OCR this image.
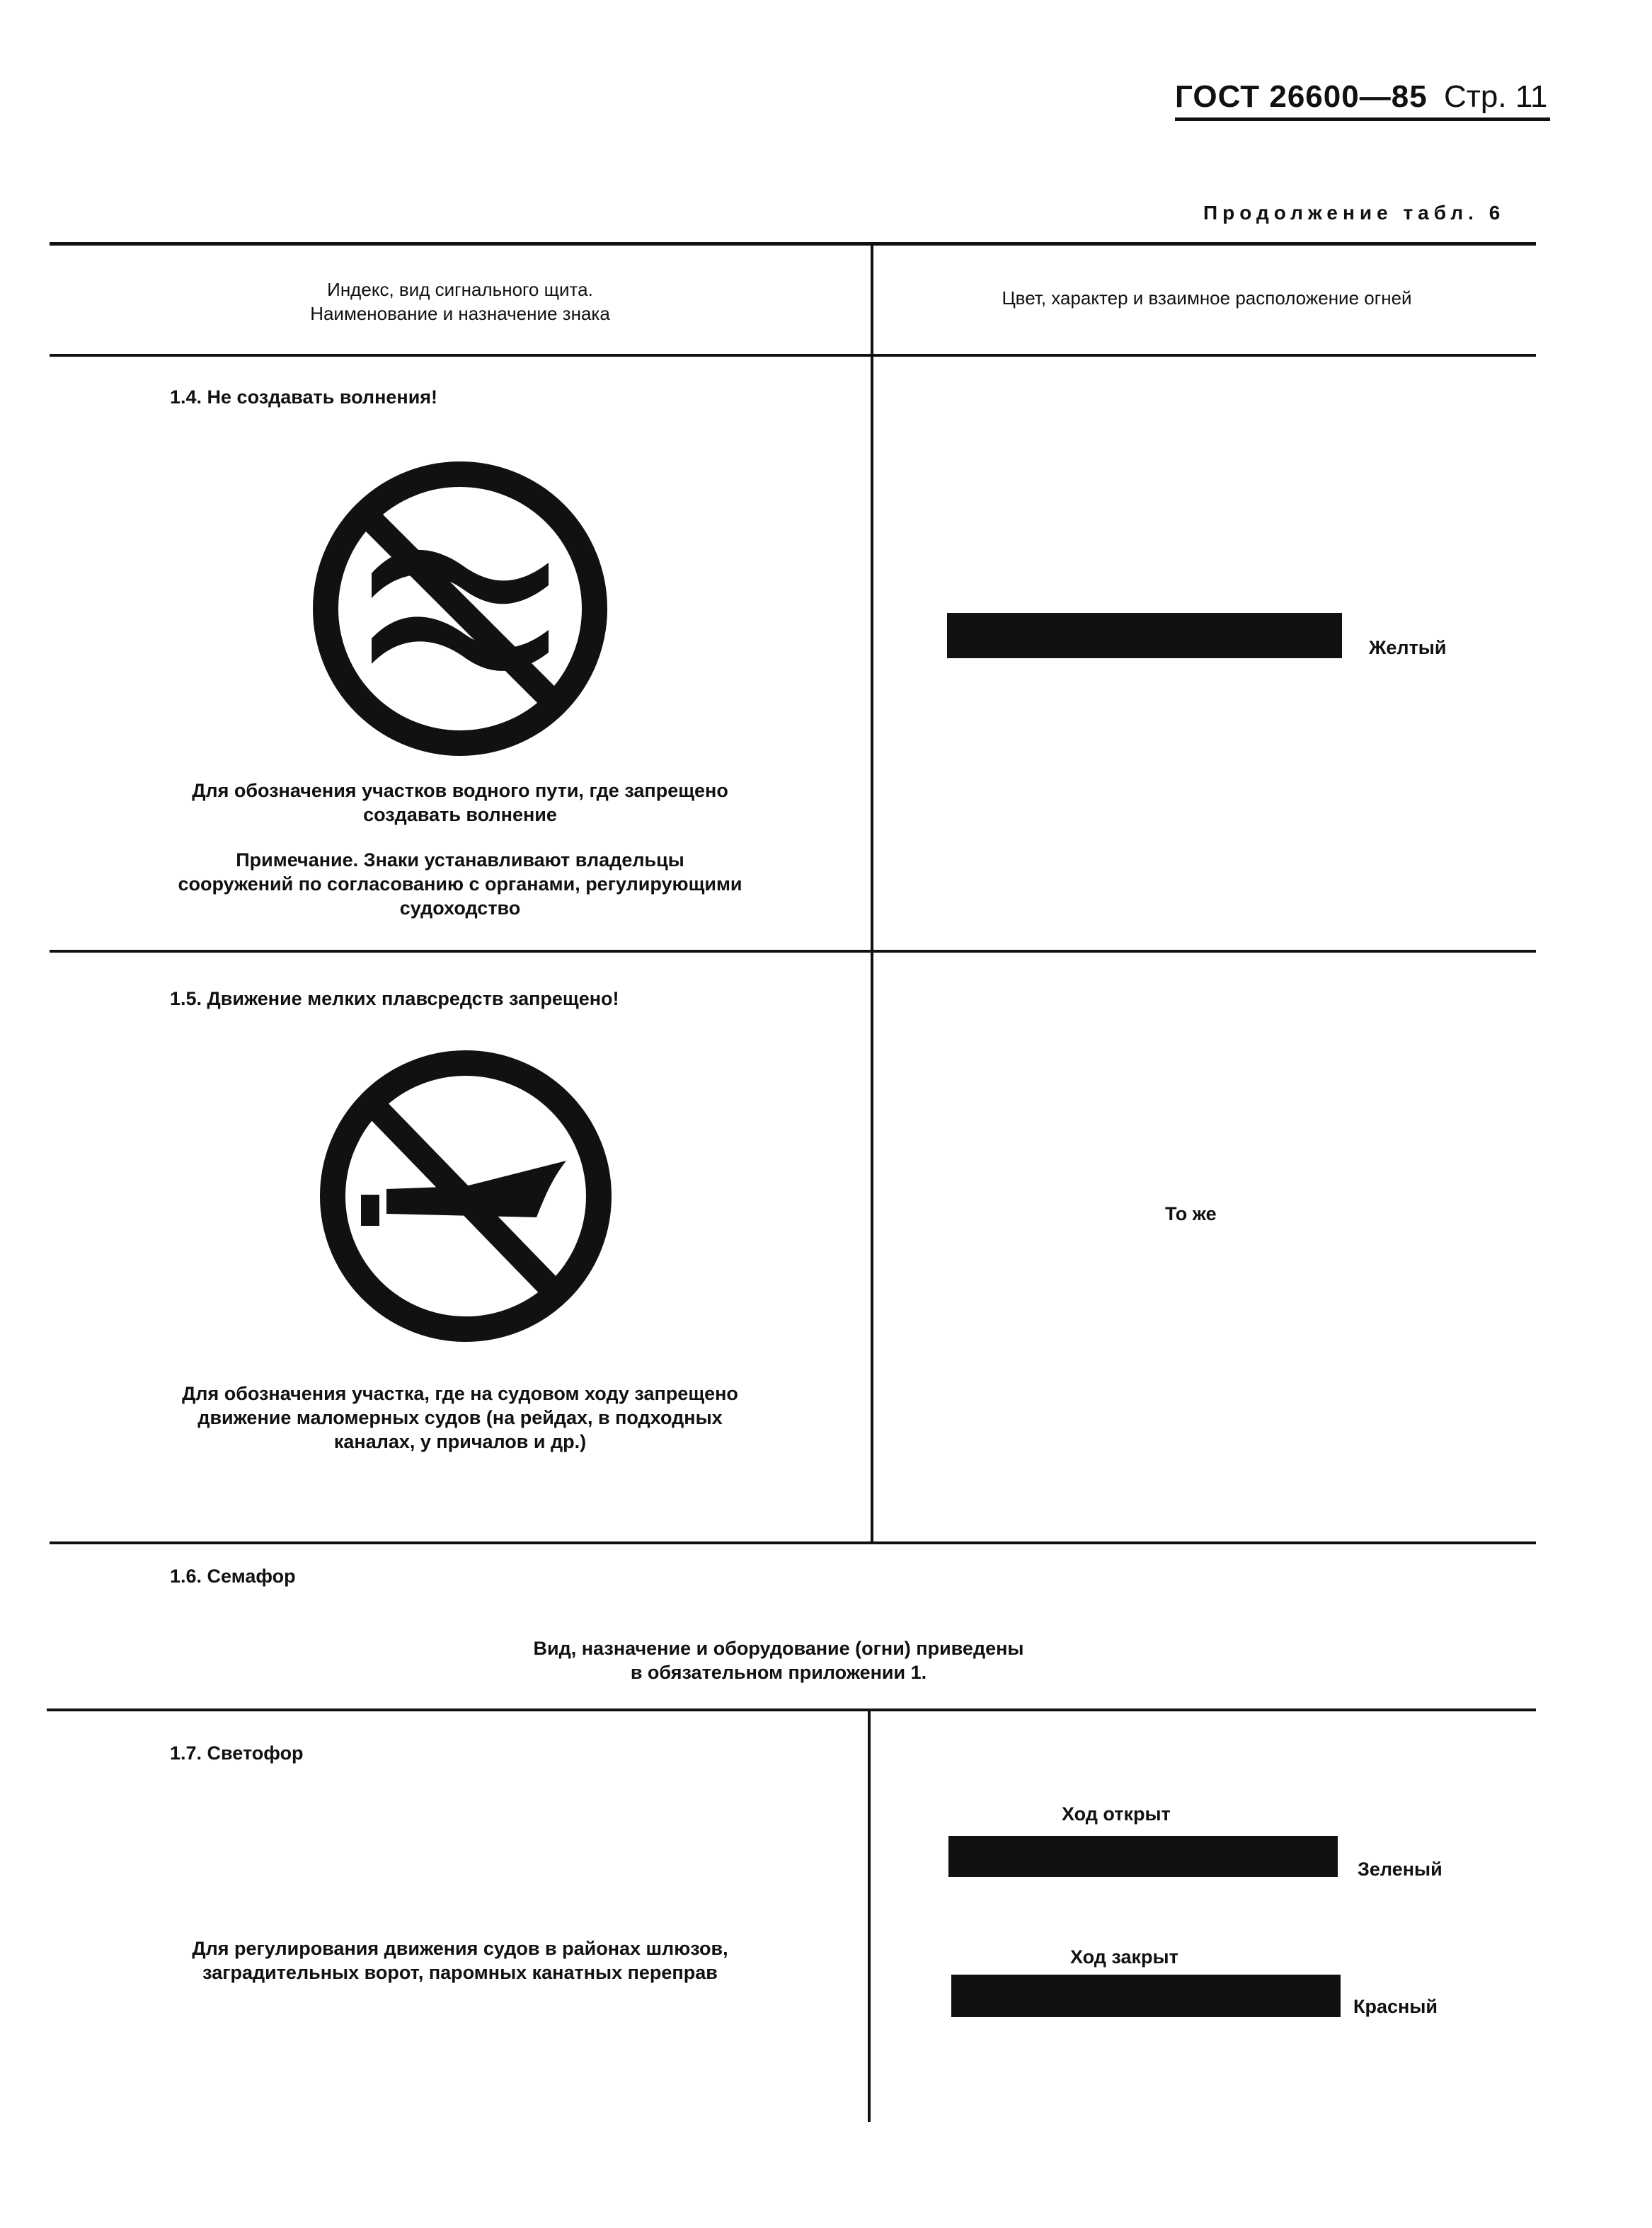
ГОСТ 26600—85 Стр. 11
Продолжение табл. 6
Индекс, вид сигнального щита.
Наименование и назначение знака
Цвет, характер и взаимное расположение огней
1.4. Не создавать волнения!
Для обозначения участков водного пути, где запрещено
создавать волнение
Примечание. Знаки устанавливают владельцы
сооружений по согласованию с органами, регулирующими
судоходство
Желтый
1.5. Движение мелких плавсредств запрещено!
Для обозначения участка, где на судовом ходу запрещено
движение маломерных судов (на рейдах, в подходных
каналах, у причалов и др.)
То же
1.6. Семафор
Вид, назначение и оборудование (огни) приведены
в обязательном приложении 1.
1.7. Светофор
Для регулирования движения судов в районах шлюзов,
заградительных ворот, паромных канатных переправ
Ход открыт
Зеленый
Ход закрыт
Красный
